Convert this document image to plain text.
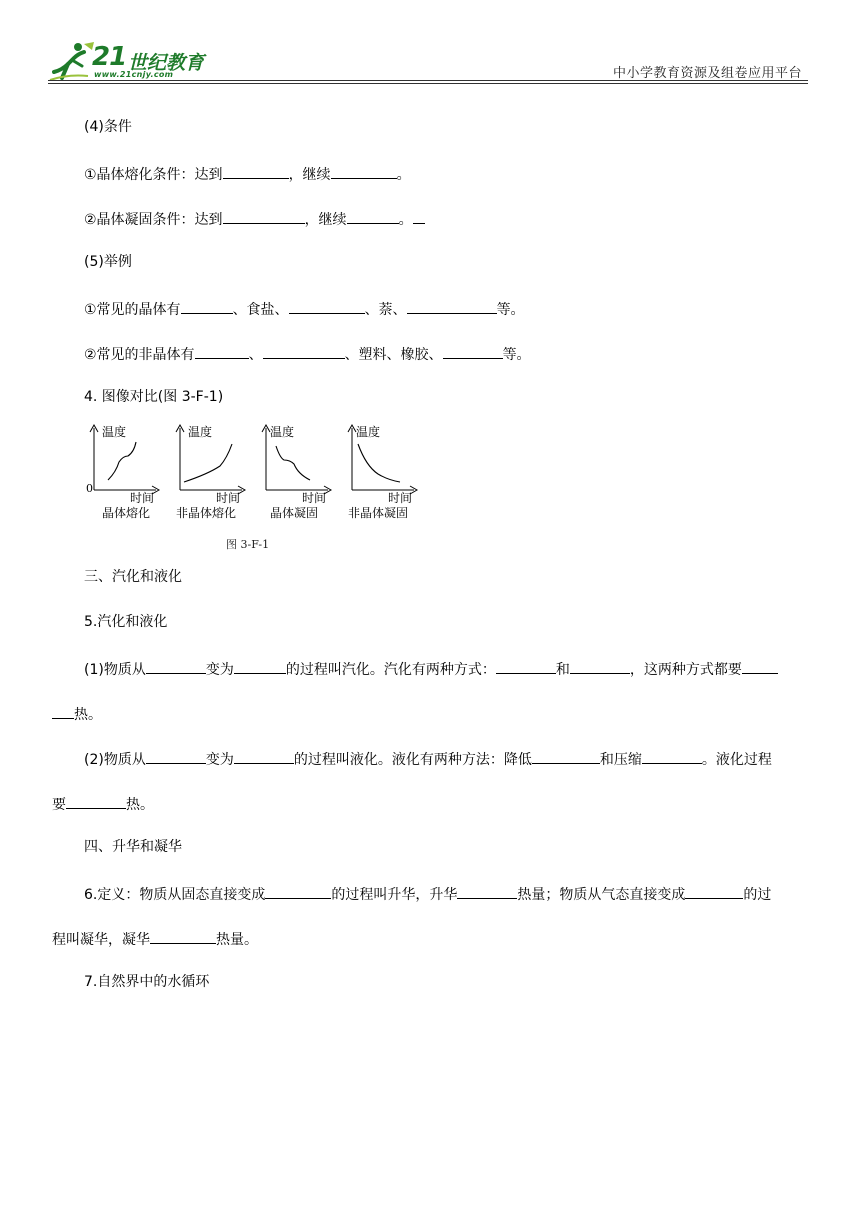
21 世纪教育
www.21cnjy.com	中小学教育资源及组卷应用平台
(4)条件
①晶体熔化条件：达到	，继续	。
②晶体凝固条件：达到	，继续	。
(5)举例
①常见的晶体有	、食盐、	、萘、	等。
②常见的非晶体有	、	、塑料、橡胶、	等。
4. 图像对比(图 3-F-1)
温度
0
时间
晶体熔化
温度
时间
非晶体熔化
温度
时间
晶体凝固
温度
时间
非晶体凝固
图 3-F-1
三、汽化和液化
5.汽化和液化
(1)物质从	变为	的过程叫汽化。汽化有两种方式：	和	，这两种方式都要
热。
(2)物质从	变为	的过程叫液化。液化有两种方法：降低	和压缩	。液化过程
要	热。
四、升华和凝华
6.定义：物质从固态直接变成	的过程叫升华，升华	热量；物质从气态直接变成	的过
程叫凝华，凝华	热量。
7.自然界中的水循环
